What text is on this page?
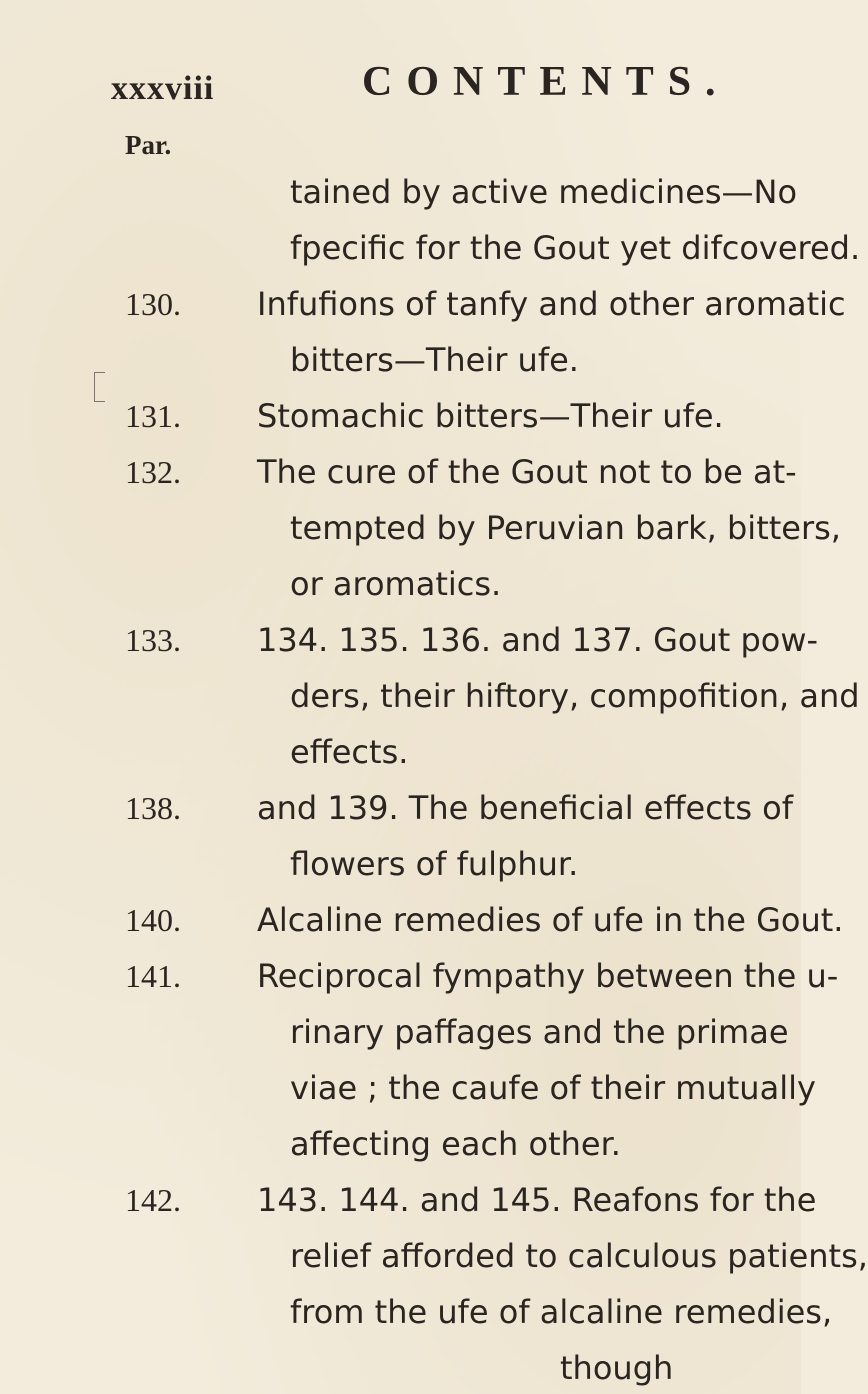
xxxviii	CONTENTS.
Par.
tained by active medicines—No
fpecific for the Gout yet difcovered.
130. Infufions of tanfy and other aromatic
bitters—Their ufe.
131. Stomachic bitters—Their ufe.
132. The cure of the Gout not to be at-
tempted by Peruvian bark, bitters,
or aromatics.
133. 134. 135. 136. and 137. Gout pow-
ders, their hiftory, compofition, and
effects.
138. and 139. The beneficial effects of
flowers of fulphur.
140. Alcaline remedies of ufe in the Gout.
141. Reciprocal fympathy between the u-
rinary paffages and the primae
viae ; the caufe of their mutually
affecting each other.
142. 143. 144. and 145. Reafons for the
relief afforded to calculous patients,
from the ufe of alcaline remedies,
though
